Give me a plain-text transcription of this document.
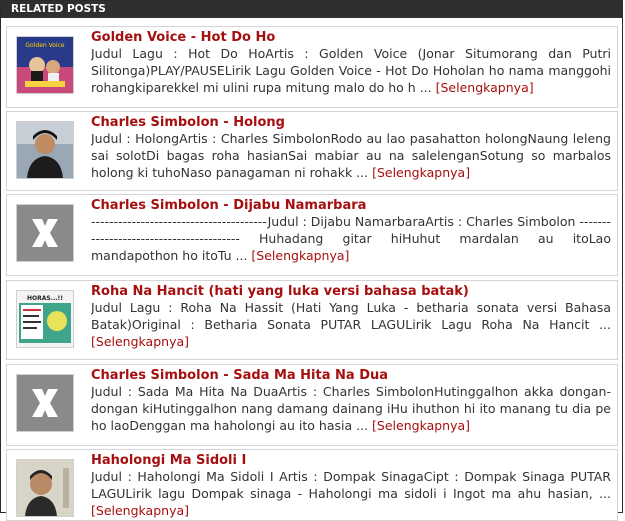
RELATED POSTS
Golden Voice
Golden Voice - Hot Do Ho
Judul Lagu : Hot Do HoArtis : Golden Voice (Jonar Situmorang dan Putri Silitonga)PLAY/PAUSELirik Lagu Golden Voice - Hot Do Hoholan ho nama manggohi rohangkiparekkel mi ulini rupa mitung malo do ho h ... [Selengkapnya]
Charles Simbolon - Holong
Judul : HolongArtis : Charles SimbolonRodo au lao pasahatton holongNaung leleng sai solotDi bagas roha hasianSai mabiar au na salelenganSotung so marbalos holong ki tuhoNaso panagaman ni rohakk ... [Selengkapnya]
Charles Simbolon - Dijabu Namarbara
---------------------------------------Judul : Dijabu NamarbaraArtis : Charles Simbolon ---------------------------------------- Huhadang gitar hiHuhut mardalan au itoLao mandapothon ho itoTu ... [Selengkapnya]
HORAS...!! Roha Na Hancit (hati yang luka versi bahasa batak)
Judul Lagu : Roha Na Hassit (Hati Yang Luka - betharia sonata versi Bahasa Batak)Original : Betharia Sonata PUTAR LAGULirik Lagu Roha Na Hancit ... [Selengkapnya]
Charles Simbolon - Sada Ma Hita Na Dua
Judul : Sada Ma Hita Na DuaArtis : Charles SimbolonHutinggalhon akka dongan-dongan kiHutinggalhon nang damang dainang iHu ihuthon hi ito manang tu dia pe ho laoDenggan ma haholongi au ito hasia ... [Selengkapnya]
Haholongi Ma Sidoli I
Judul : Haholongi Ma Sidoli I Artis : Dompak SinagaCipt : Dompak Sinaga PUTAR LAGULirik lagu Dompak sinaga - Haholongi ma sidoli i Ingot ma ahu hasian, ... [Selengkapnya]
